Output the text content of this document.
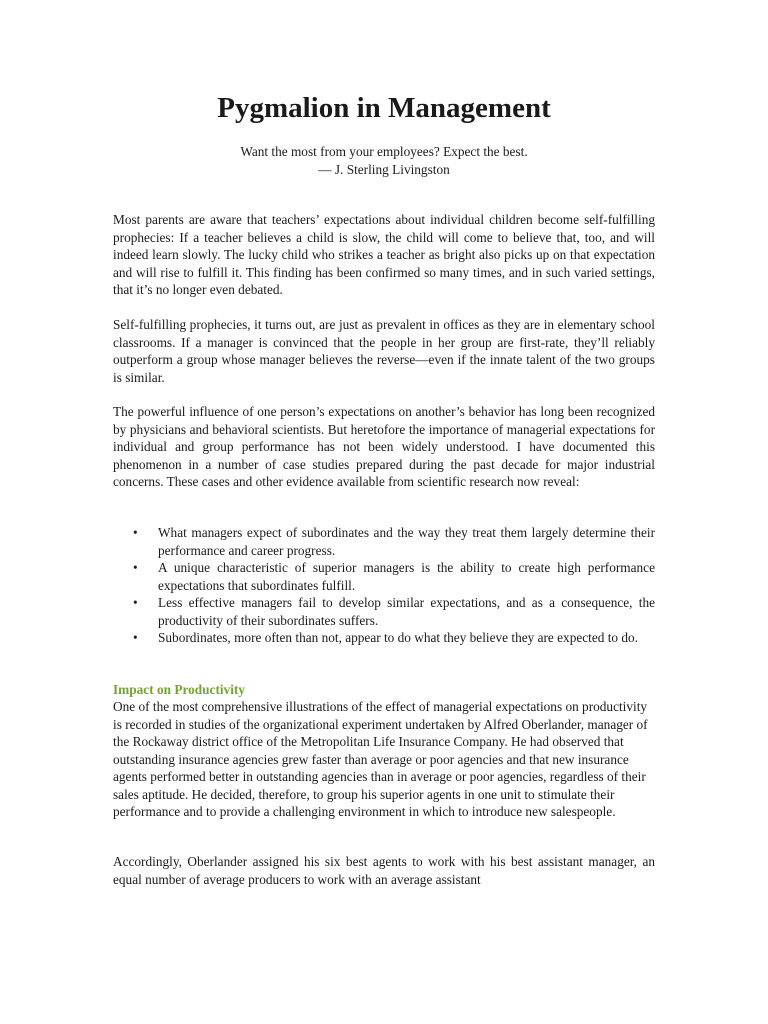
Pygmalion in Management
Want the most from your employees? Expect the best.
— J. Sterling Livingston

Most parents are aware that teachers’ expectations about individual children become self-fulfilling prophecies: If a teacher believes a child is slow, the child will come to believe that, too, and will indeed learn slowly. The lucky child who strikes a teacher as bright also picks up on that expectation and will rise to fulfill it. This finding has been confirmed so many times, and in such varied settings, that it’s no longer even debated.

Self-fulfilling prophecies, it turns out, are just as prevalent in offices as they are in elementary school classrooms. If a manager is convinced that the people in her group are first-rate, they’ll reliably outperform a group whose manager believes the reverse—even if the innate talent of the two groups is similar.

The powerful influence of one person’s expectations on another’s behavior has long been recognized by physicians and behavioral scientists. But heretofore the importance of managerial expectations for individual and group performance has not been widely understood. I have documented this phenomenon in a number of case studies prepared during the past decade for major industrial concerns. These cases and other evidence available from scientific research now reveal:

• What managers expect of subordinates and the way they treat them largely determine their performance and career progress.
• A unique characteristic of superior managers is the ability to create high performance expectations that subordinates fulfill.
• Less effective managers fail to develop similar expectations, and as a consequence, the productivity of their subordinates suffers.
• Subordinates, more often than not, appear to do what they believe they are expected to do.
Impact on Productivity

One of the most comprehensive illustrations of the effect of managerial expectations on productivity is recorded in studies of the organizational experiment undertaken by Alfred Oberlander, manager of the Rockaway district office of the Metropolitan Life Insurance Company. He had observed that outstanding insurance agencies grew faster than average or poor agencies and that new insurance agents performed better in outstanding agencies than in average or poor agencies, regardless of their sales aptitude. He decided, therefore, to group his superior agents in one unit to stimulate their performance and to provide a challenging environment in which to introduce new salespeople.

Accordingly, Oberlander assigned his six best agents to work with his best assistant manager, an equal number of average producers to work with an average assistant
